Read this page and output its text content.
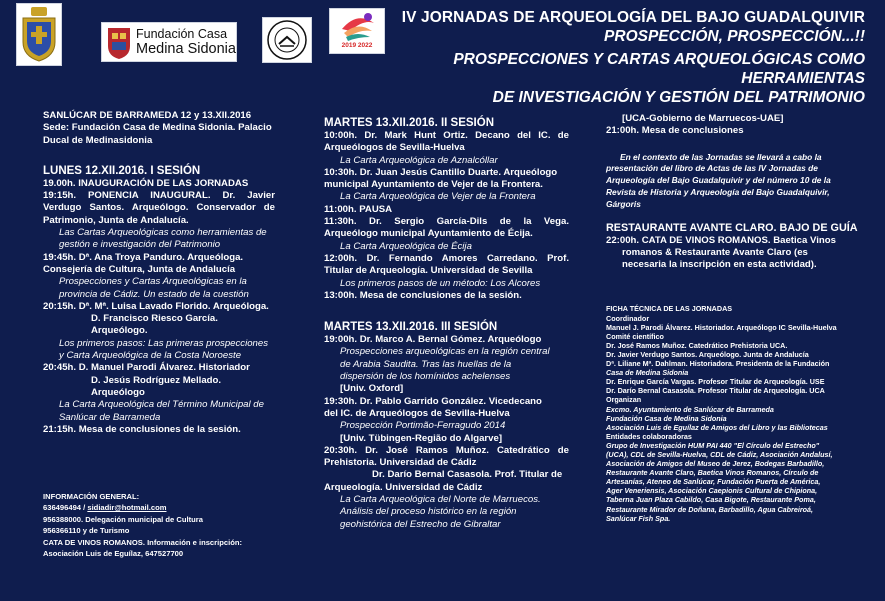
Fundación Casa
Medina Sidonia	2019 2022
IV JORNADAS DE ARQUEOLOGÍA DEL BAJO GUADALQUIVIR
PROSPECCIÓN, PROSPECCIÓN...!!
PROSPECCIONES Y CARTAS ARQUEOLÓGICAS COMO HERRAMIENTAS
DE INVESTIGACIÓN Y GESTIÓN DEL PATRIMONIO

SANLÚCAR DE BARRAMEDA 12 y 13.XII.2016

Sede: Fundación Casa de Medina Sidonia. Palacio

Ducal de Medinasidonia

LUNES 12.XII.2016. I SESIÓN

19.00h. INAUGURACIÓN DE LAS JORNADAS

19:15h. PONENCIA INAUGURAL. Dr. Javier

Verdugo Santos. Arqueólogo. Conservador de

Patrimonio, Junta de Andalucía.

Las Cartas Arqueológicas como herramientas de

gestión e investigación del Patrimonio

19:45h. Dª. Ana Troya Panduro. Arqueóloga.

Consejería de Cultura, Junta de Andalucía

Prospecciones y Cartas Arqueológicas en la

provincia de Cádiz. Un estado de la cuestión

20:15h. Dª. Mª. Luisa Lavado Florido. Arqueóloga.

D. Francisco Riesco García. Arqueólogo.

Los primeros pasos: Las primeras prospecciones

y Carta Arqueológica de la Costa Noroeste

20:45h. D. Manuel Parodi Álvarez. Historiador

D. Jesús Rodríguez Mellado. Arqueólogo

La Carta Arqueológica del Término Municipal de

Sanlúcar de Barrameda

21:15h. Mesa de conclusiones de la sesión.

INFORMACIÓN GENERAL:
636496494 / sidiadir@hotmail.com
956388000. Delegación municipal de Cultura
956366110 y de Turismo
CATA DE VINOS ROMANOS. Información e inscripción:
Asociación Luis de Eguílaz, 647527700

MARTES 13.XII.2016. II SESIÓN

10:00h. Dr. Mark Hunt Ortiz. Decano del IC. de

Arqueólogos de Sevilla-Huelva

La Carta Arqueológica de Aznalcóllar

10:30h. Dr. Juan Jesús Cantillo Duarte. Arqueólogo

municipal Ayuntamiento de Vejer de la Frontera.

La Carta Arqueológica de Vejer de la Frontera

11:00h. PAUSA

11:30h. Dr. Sergio García-Dils de la Vega.

Arqueólogo municipal Ayuntamiento de Écija.

La Carta Arqueológica de Écija

12:00h. Dr. Fernando Amores Carredano. Prof.

Titular de Arqueología. Universidad de Sevilla

Los primeros pasos de un método: Los Alcores

13:00h. Mesa de conclusiones de la sesión.

MARTES 13.XII.2016. III SESIÓN

19:00h. Dr. Marco A. Bernal Gómez. Arqueólogo

Prospecciones arqueológicas en la región central

de Arabia Saudita. Tras las huellas de la

dispersión de los homínidos achelenses

[Univ. Oxford]

19:30h. Dr. Pablo Garrido González. Vicedecano

del IC. de Arqueólogos de Sevilla-Huelva

Prospección Portimão-Ferragudo 2014

[Univ. Tübingen-Região do Algarve]

20:30h. Dr. José Ramos Muñoz. Catedrático de

Prehistoria. Universidad de Cádiz

Dr. Darío Bernal Casasola. Prof. Titular de

Arqueología. Universidad de Cádiz

La Carta Arqueológica del Norte de Marruecos.

Análisis del proceso histórico en la región

geohistórica del Estrecho de Gibraltar

[UCA-Gobierno de Marruecos-UAE]

21:00h. Mesa de conclusiones

En el contexto de las Jornadas se llevará a cabo la
presentación del libro de Actas de las IV Jornadas de
Arqueología del Bajo Guadalquivir y del número 10 de la
Revista de Historia y Arqueología del Bajo Guadalquivir,
Gárgoris

RESTAURANTE AVANTE CLARO. BAJO DE GUÍA

22:00h. CATA DE VINOS ROMANOS. Baetica Vinos

romanos & Restaurante Avante Claro (es

necesaria la inscripción en esta actividad).

FICHA TÉCNICA DE LAS JORNADAS
Coordinador
Manuel J. Parodi Álvarez. Historiador. Arqueólogo IC Sevilla-Huelva
Comité científico
Dr. José Ramos Muñoz. Catedrático Prehistoria UCA.
Dr. Javier Verdugo Santos. Arqueólogo. Junta de Andalucía
Dª. Liliane Mª. Dahlman. Historiadora. Presidenta de la Fundación
Casa de Medina Sidonia
Dr. Enrique García Vargas. Profesor Titular de Arqueología. USE
Dr. Darío Bernal Casasola. Profesor Titular de Arqueología. UCA
Organizan
Excmo. Ayuntamiento de Sanlúcar de Barrameda
Fundación Casa de Medina Sidonia
Asociación Luis de Eguílaz de Amigos del Libro y las Bibliotecas
Entidades colaboradoras
Grupo de Investigación HUM PAI 440 "El Círculo del Estrecho"
(UCA), CDL de Sevilla-Huelva, CDL de Cádiz, Asociación Andalusí,
Asociación de Amigos del Museo de Jerez, Bodegas Barbadillo,
Restaurante Avante Claro, Baetica Vinos Romanos, Círculo de
Artesanías, Ateneo de Sanlúcar, Fundación Puerta de América,
Ager Veneriensis, Asociación Caepionis Cultural de Chipiona,
Taberna Juan Plaza Cabildo, Casa Bigote, Restaurante Poma,
Restaurante Mirador de Doñana, Barbadillo, Agua Cabreiroá,
Sanlúcar Fish Spa.
